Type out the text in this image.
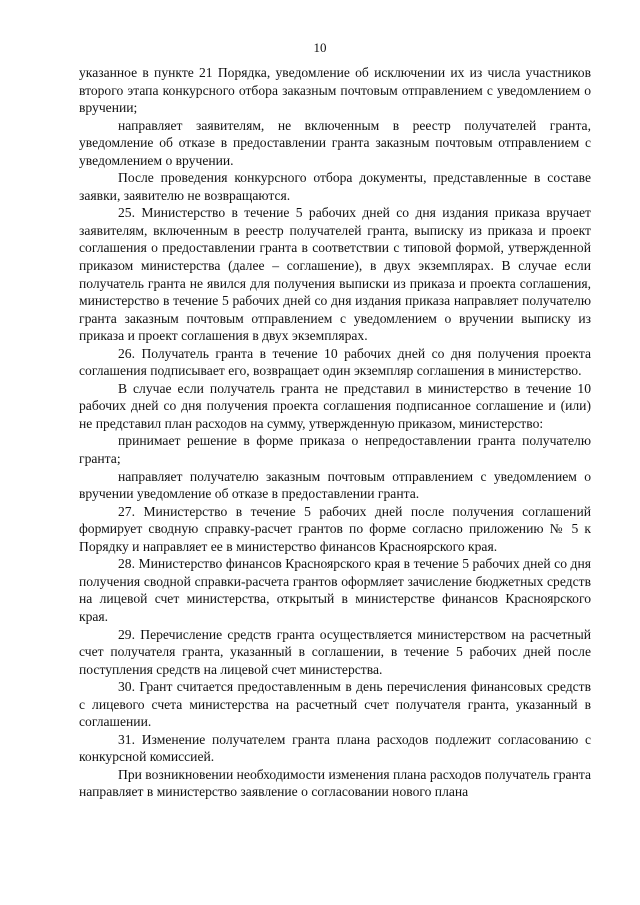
10

указанное в пункте 21 Порядка, уведомление об исключении их из числа участников второго этапа конкурсного отбора заказным почтовым отправлением с уведомлением о вручении;

направляет заявителям, не включенным в реестр получателей гранта, уведомление об отказе в предоставлении гранта заказным почтовым отправлением с уведомлением о вручении.

После проведения конкурсного отбора документы, представленные в составе заявки, заявителю не возвращаются.

25. Министерство в течение 5 рабочих дней со дня издания приказа вручает заявителям, включенным в реестр получателей гранта, выписку из приказа и проект соглашения о предоставлении гранта в соответствии с типовой формой, утвержденной приказом министерства (далее – соглашение), в двух экземплярах. В случае если получатель гранта не явился для получения выписки из приказа и проекта соглашения, министерство в течение 5 рабочих дней со дня издания приказа направляет получателю гранта заказным почтовым отправлением с уведомлением о вручении выписку из приказа и проект соглашения в двух экземплярах.

26. Получатель гранта в течение 10 рабочих дней со дня получения проекта соглашения подписывает его, возвращает один экземпляр соглашения в министерство.

В случае если получатель гранта не представил в министерство в течение 10 рабочих дней со дня получения проекта соглашения подписанное соглашение и (или) не представил план расходов на сумму, утвержденную приказом, министерство:

принимает решение в форме приказа о непредоставлении гранта получателю гранта;

направляет получателю заказным почтовым отправлением с уведомлением о вручении уведомление об отказе в предоставлении гранта.

27. Министерство в течение 5 рабочих дней после получения соглашений формирует сводную справку-расчет грантов по форме согласно приложению № 5 к Порядку и направляет ее в министерство финансов Красноярского края.

28. Министерство финансов Красноярского края в течение 5 рабочих дней со дня получения сводной справки-расчета грантов оформляет зачисление бюджетных средств на лицевой счет министерства, открытый в министерстве финансов Красноярского края.

29. Перечисление средств гранта осуществляется министерством на расчетный счет получателя гранта, указанный в соглашении, в течение 5 рабочих дней после поступления средств на лицевой счет министерства.

30. Грант считается предоставленным в день перечисления финансовых средств с лицевого счета министерства на расчетный счет получателя гранта, указанный в соглашении.

31. Изменение получателем гранта плана расходов подлежит согласованию с конкурсной комиссией.

При возникновении необходимости изменения плана расходов получатель гранта направляет в министерство заявление о согласовании нового плана
